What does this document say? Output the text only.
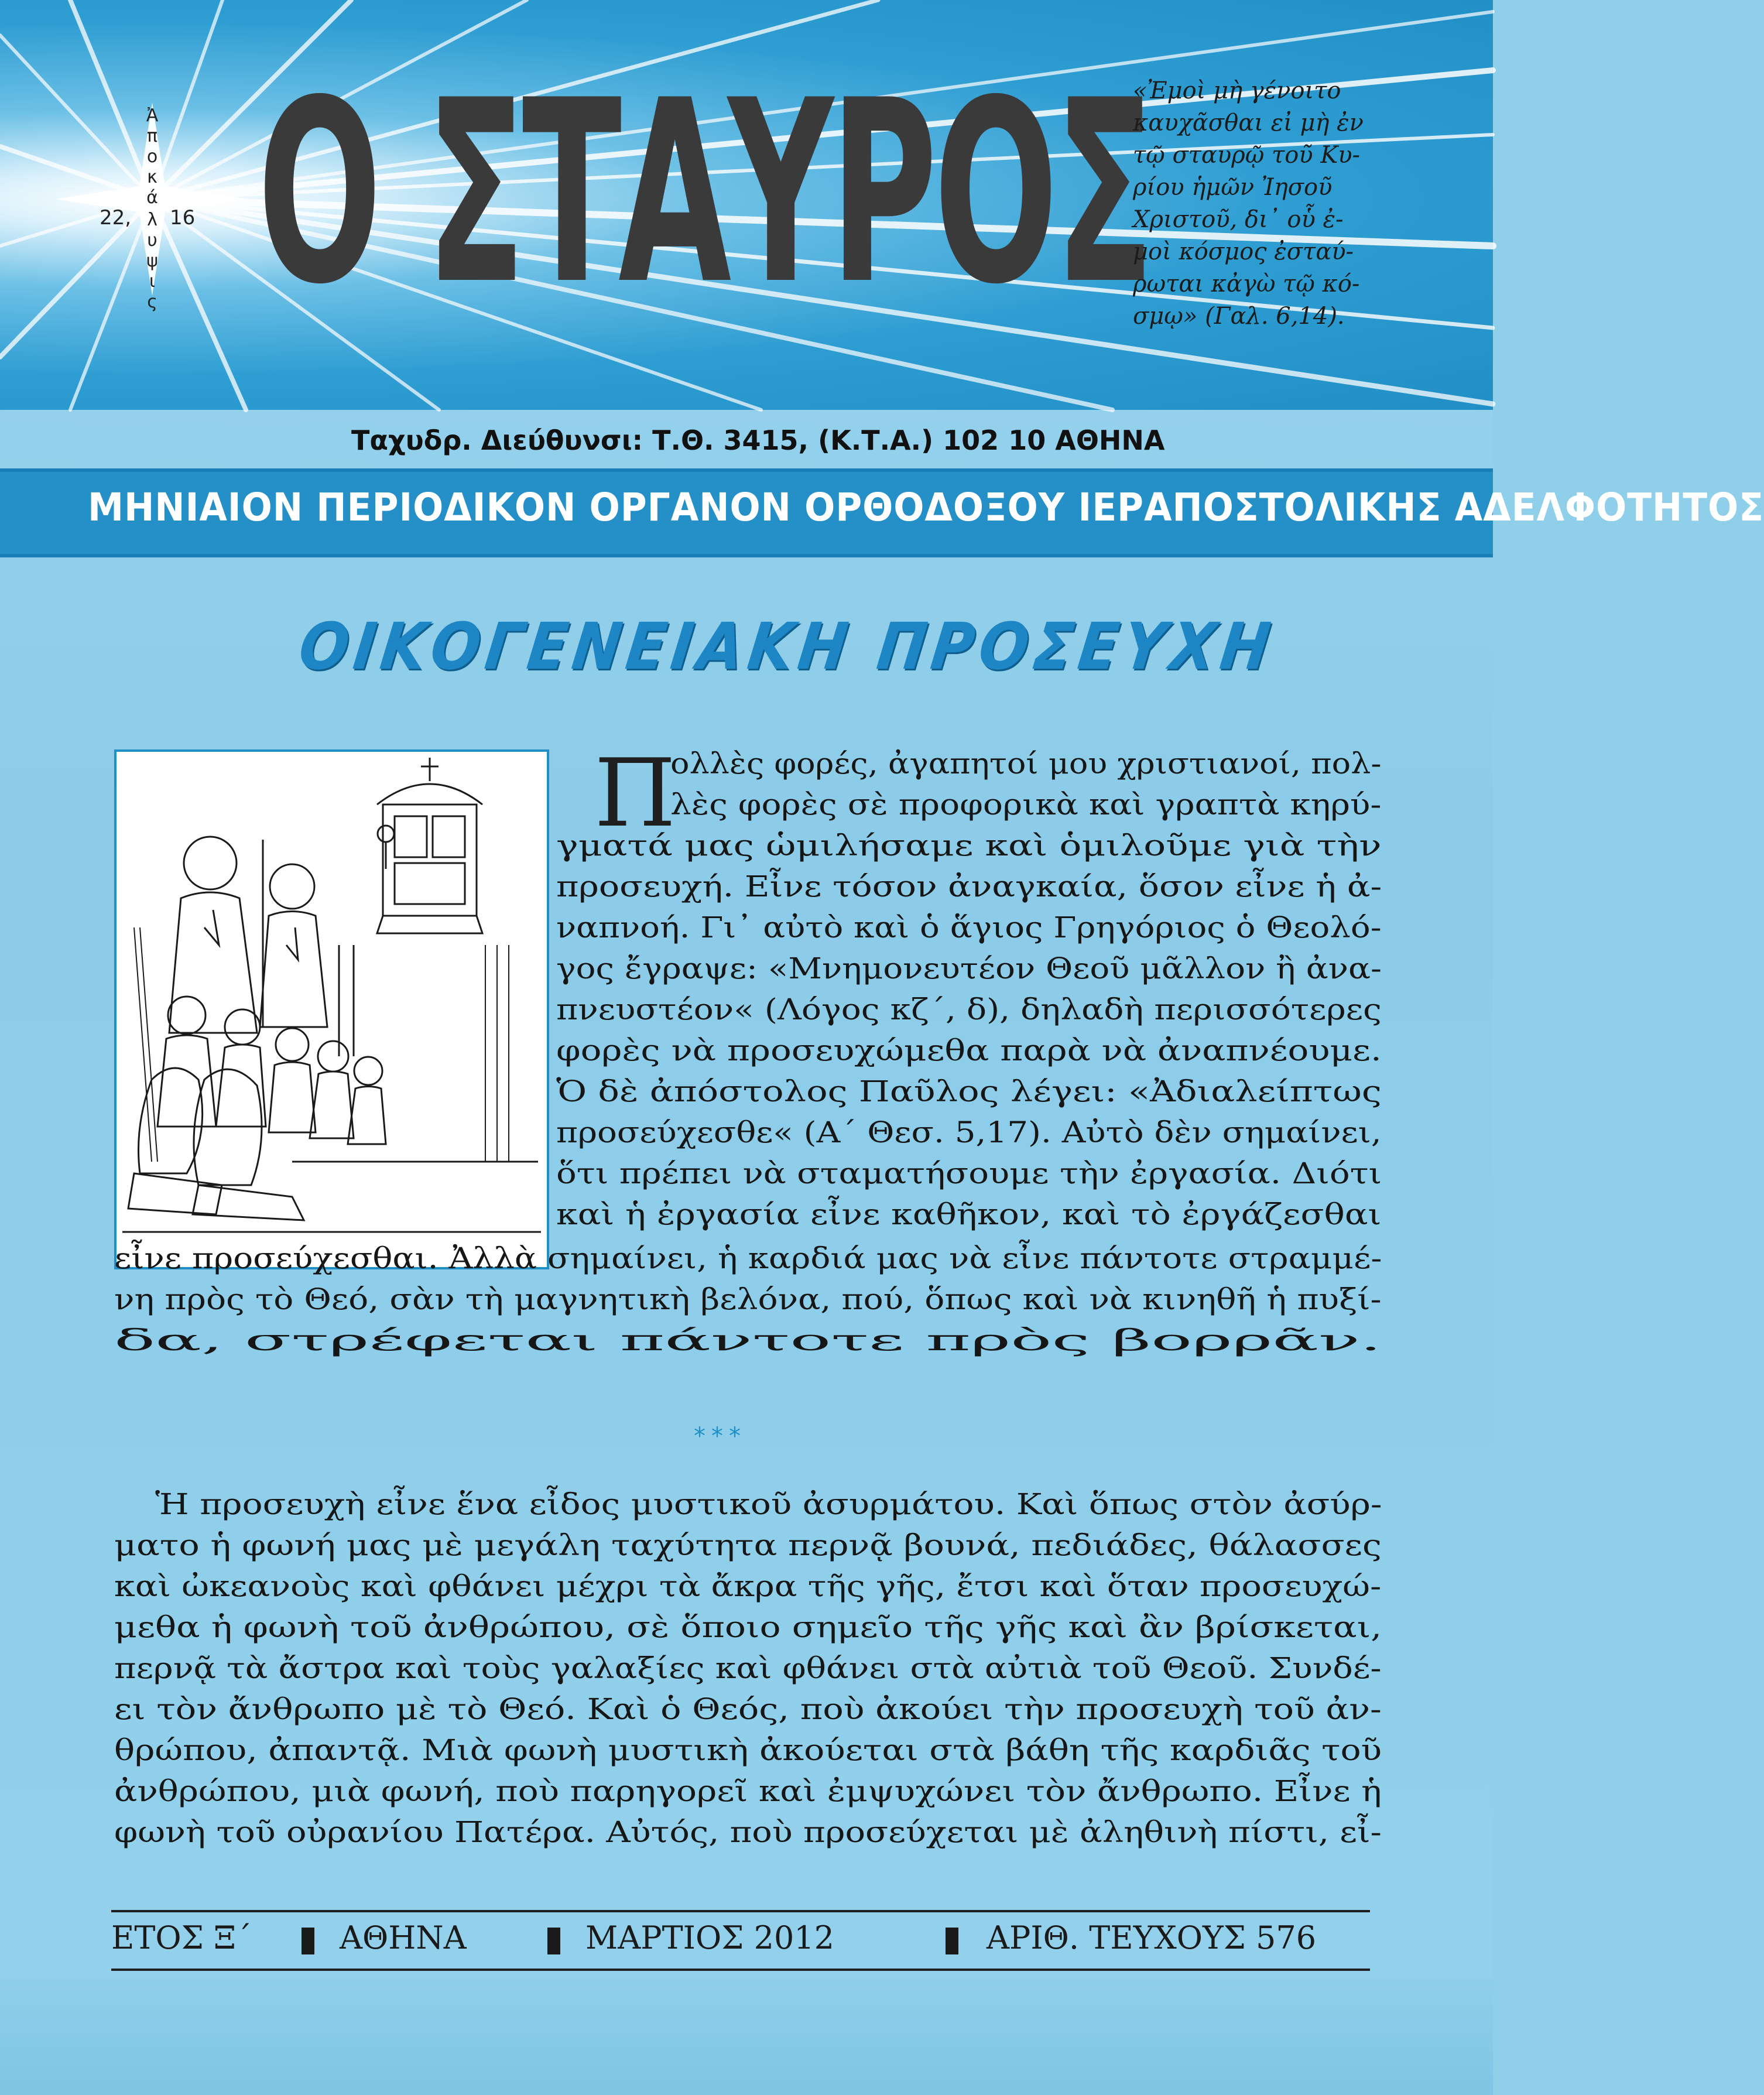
Ἀ
π
ο
κ
ά
λ
υ
ψ
ι
ς
22, 16 Ο ΣΤΑΥΡΟΣ
«Ἐμοὶ μὴ γένοιτο
καυχᾶσθαι εἰ μὴ ἐν
τῷ σταυρῷ τοῦ Κυ-
ρίου ἡμῶν Ἰησοῦ
Χριστοῦ, δι᾽ οὗ ἐ-
μοὶ κόσμος ἐσταύ-
ρωται κἀγὼ τῷ κό-
σμῳ» (Γαλ. 6,14).
Ταχυδρ. Διεύθυνσι: Τ.Θ. 3415, (Κ.Τ.Α.) 102 10 ΑΘΗΝΑ
ΜΗΝΙΑΙΟΝ ΠΕΡΙΟΔΙΚΟΝ ΟΡΓΑΝΟΝ ΟΡΘΟΔΟΞΟΥ ΙΕΡΑΠΟΣΤΟΛΙΚΗΣ ΑΔΕΛΦΟΤΗΤΟΣ
ΟΙΚΟΓΕΝΕΙΑΚΗ ΠΡΟΣΕΥΧΗ
Π
ολλὲς φορές, ἀγαπητοί μου χριστιανοί, πολ-
λὲς φορὲς σὲ προφορικὰ καὶ γραπτὰ κηρύ-
γματά μας ὡμιλήσαμε καὶ ὁμιλοῦμε γιὰ τὴν
προσευχή. Εἶνε τόσον ἀναγκαία, ὅσον εἶνε ἡ ἀ-
ναπνοή. Γι᾽ αὐτὸ καὶ ὁ ἅγιος Γρηγόριος ὁ Θεολό-
γος ἔγραψε: «Μνημονευτέον Θεοῦ μᾶλλον ἢ ἀνα-
πνευστέον« (Λόγος κζ΄, δ), δηλαδὴ περισσότερες
φορὲς νὰ προσευχώμεθα παρὰ νὰ ἀναπνέουμε.
Ὁ δὲ ἀπόστολος Παῦλος λέγει: «Ἀδιαλείπτως
προσεύχεσθε« (Α΄ Θεσ. 5,17). Αὐτὸ δὲν σημαίνει,
ὅτι πρέπει νὰ σταματήσουμε τὴν ἐργασία. Διότι
καὶ ἡ ἐργασία εἶνε καθῆκον, καὶ τὸ ἐργάζεσθαι
εἶνε προσεύχεσθαι. Ἀλλὰ σημαίνει, ἡ καρδιά μας νὰ εἶνε πάντοτε στραμμέ-
νη πρὸς τὸ Θεό, σὰν τὴ μαγνητικὴ βελόνα, πού, ὅπως καὶ νὰ κινηθῆ ἡ πυξί-
δα, στρέφεται πάντοτε πρὸς βορρᾶν.
***
Ἡ προσευχὴ εἶνε ἕνα εἶδος μυστικοῦ ἀσυρμάτου. Καὶ ὅπως στὸν ἀσύρ-
ματο ἡ φωνή μας μὲ μεγάλη ταχύτητα περνᾷ βουνά, πεδιάδες, θάλασσες
καὶ ὠκεανοὺς καὶ φθάνει μέχρι τὰ ἄκρα τῆς γῆς, ἔτσι καὶ ὅταν προσευχώ-
μεθα ἡ φωνὴ τοῦ ἀνθρώπου, σὲ ὅποιο σημεῖο τῆς γῆς καὶ ἂν βρίσκεται,
περνᾷ τὰ ἄστρα καὶ τοὺς γαλαξίες καὶ φθάνει στὰ αὐτιὰ τοῦ Θεοῦ. Συνδέ-
ει τὸν ἄνθρωπο μὲ τὸ Θεό. Καὶ ὁ Θεός, ποὺ ἀκούει τὴν προσευχὴ τοῦ ἀν-
θρώπου, ἀπαντᾷ. Μιὰ φωνὴ μυστικὴ ἀκούεται στὰ βάθη τῆς καρδιᾶς τοῦ
ἀνθρώπου, μιὰ φωνή, ποὺ παρηγορεῖ καὶ ἐμψυχώνει τὸν ἄνθρωπο. Εἶνε ἡ
φωνὴ τοῦ οὐρανίου Πατέρα. Αὐτός, ποὺ προσεύχεται μὲ ἀληθινὴ πίστι, εἶ-
ΕΤΟΣ Ξ΄	ΑΘΗΝΑ	ΜΑΡΤΙΟΣ 2012	ΑΡΙΘ. ΤΕΥΧΟΥΣ 576
